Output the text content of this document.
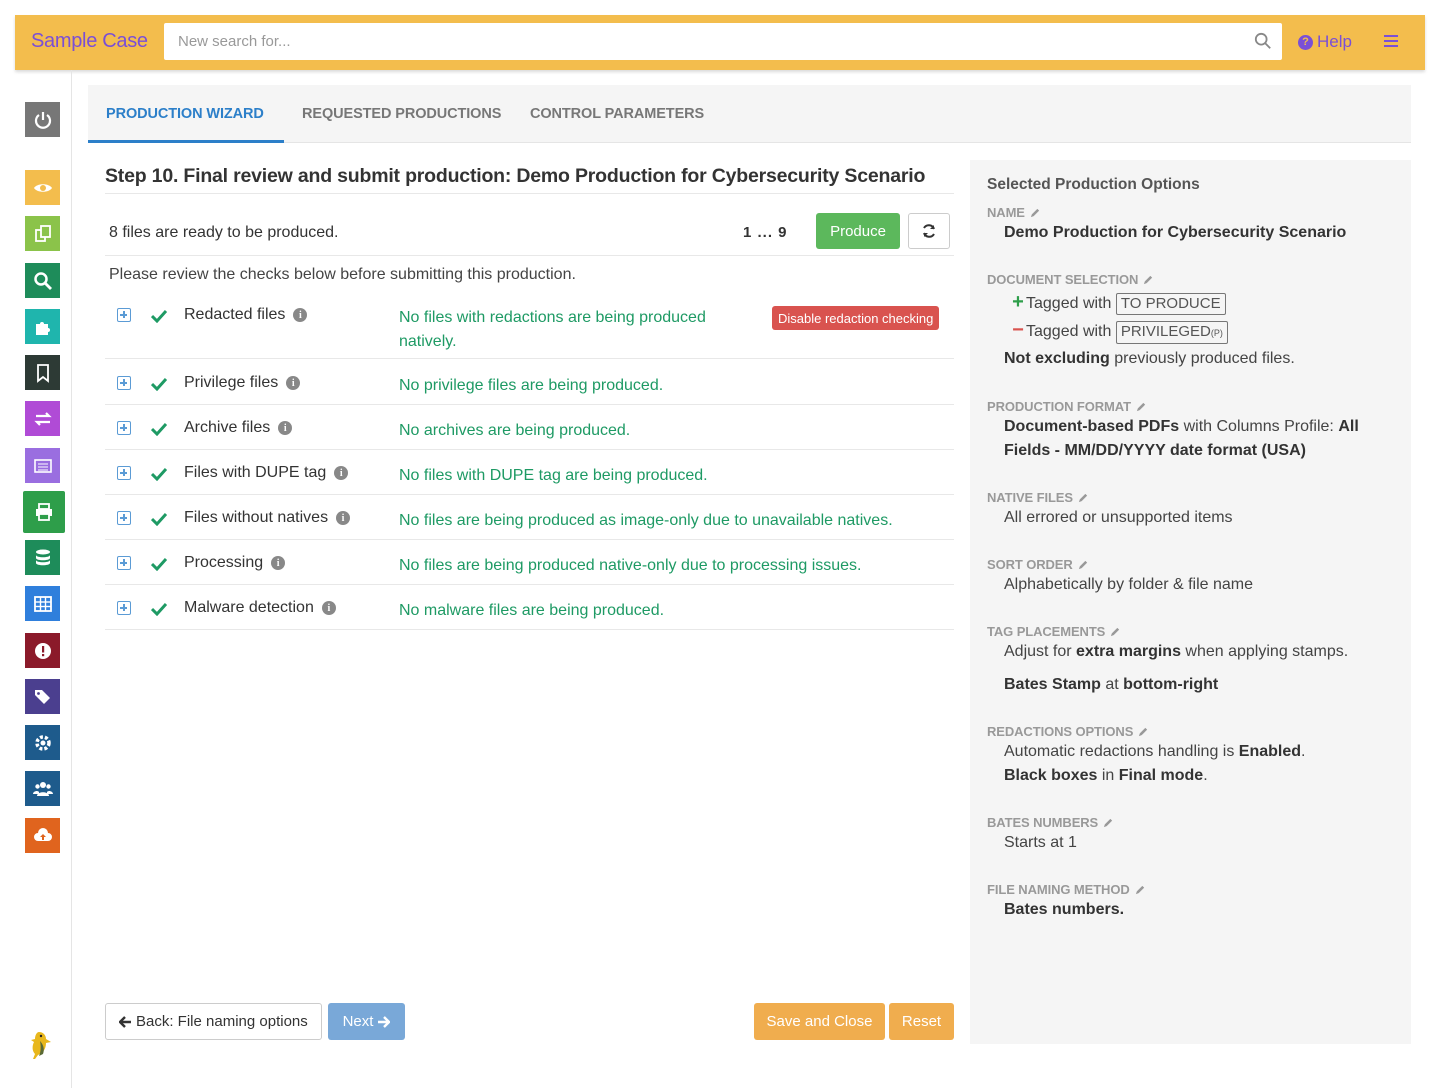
Sample Case
New search for...	? Help
PRODUCTION WIZARD	REQUESTED PRODUCTIONS CONTROL PARAMETERS
Step 10. Final review and submit production: Demo Production for Cybersecurity Scenario
8 files are ready to be produced.	1 ... 9	Produce
Please review the checks below before submitting this production.
Redacted files	i	No files with redactions are being produced natively.
Disable redaction checking
Privilege files	i	No privilege files are being produced.
Archive files	i	No archives are being produced.
Files with DUPE tag	i	No files with DUPE tag are being produced.
Files without natives	i	No files are being produced as image-only due to unavailable natives.
Processing	i	No files are being produced native-only due to processing issues.
Malware detection	i	No malware files are being produced.
Back: File naming options Next	Save and Close	Reset
Selected Production Options
NAME
Demo Production for Cybersecurity Scenario
DOCUMENT SELECTION
+ Tagged with TO PRODUCE
− Tagged with PRIVILEGED(P)
Not excluding previously produced files.
PRODUCTION FORMAT
Document-based PDFs with Columns Profile: All Fields - MM/DD/YYYY date format (USA)
NATIVE FILES
All errored or unsupported items
SORT ORDER
Alphabetically by folder & file name
TAG PLACEMENTS
Adjust for extra margins when applying stamps.
Bates Stamp at bottom-right
REDACTIONS OPTIONS
Automatic redactions handling is Enabled.
Black boxes in Final mode.
BATES NUMBERS
Starts at 1
FILE NAMING METHOD
Bates numbers.
